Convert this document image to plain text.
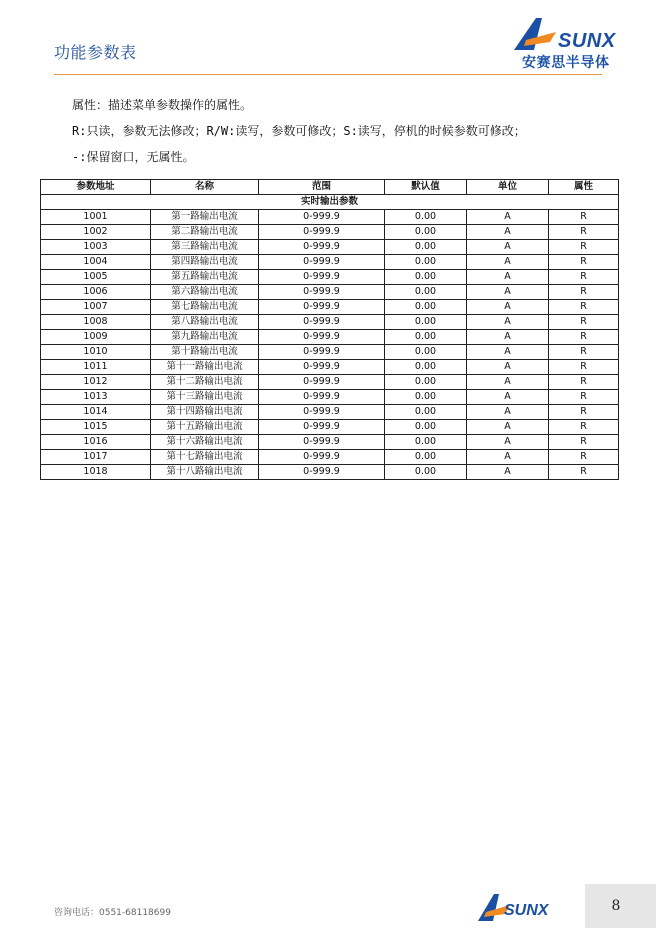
功能参数表
SUNX
安赛思半导体
属性：描述菜单参数操作的属性。
R:只读，参数无法修改；R/W:读写，参数可修改；S:读写，停机的时候参数可修改；
-:保留窗口，无属性。
参数地址	名称	范围	默认值	单位	属性
实时输出参数					
1001	第一路输出电流	0-999.9	0.00	A	R
1002	第二路输出电流	0-999.9	0.00	A	R
1003	第三路输出电流	0-999.9	0.00	A	R
1004	第四路输出电流	0-999.9	0.00	A	R
1005	第五路输出电流	0-999.9	0.00	A	R
1006	第六路输出电流	0-999.9	0.00	A	R
1007	第七路输出电流	0-999.9	0.00	A	R
1008	第八路输出电流	0-999.9	0.00	A	R
1009	第九路输出电流	0-999.9	0.00	A	R
1010	第十路输出电流	0-999.9	0.00	A	R
1011	第十一路输出电流	0-999.9	0.00	A	R
1012	第十二路输出电流	0-999.9	0.00	A	R
1013	第十三路输出电流	0-999.9	0.00	A	R
1014	第十四路输出电流	0-999.9	0.00	A	R
1015	第十五路输出电流	0-999.9	0.00	A	R
1016	第十六路输出电流	0-999.9	0.00	A	R
1017	第十七路输出电流	0-999.9	0.00	A	R
1018	第十八路输出电流	0-999.9	0.00	A	R
咨询电话：0551-68118699	SUNX	8
